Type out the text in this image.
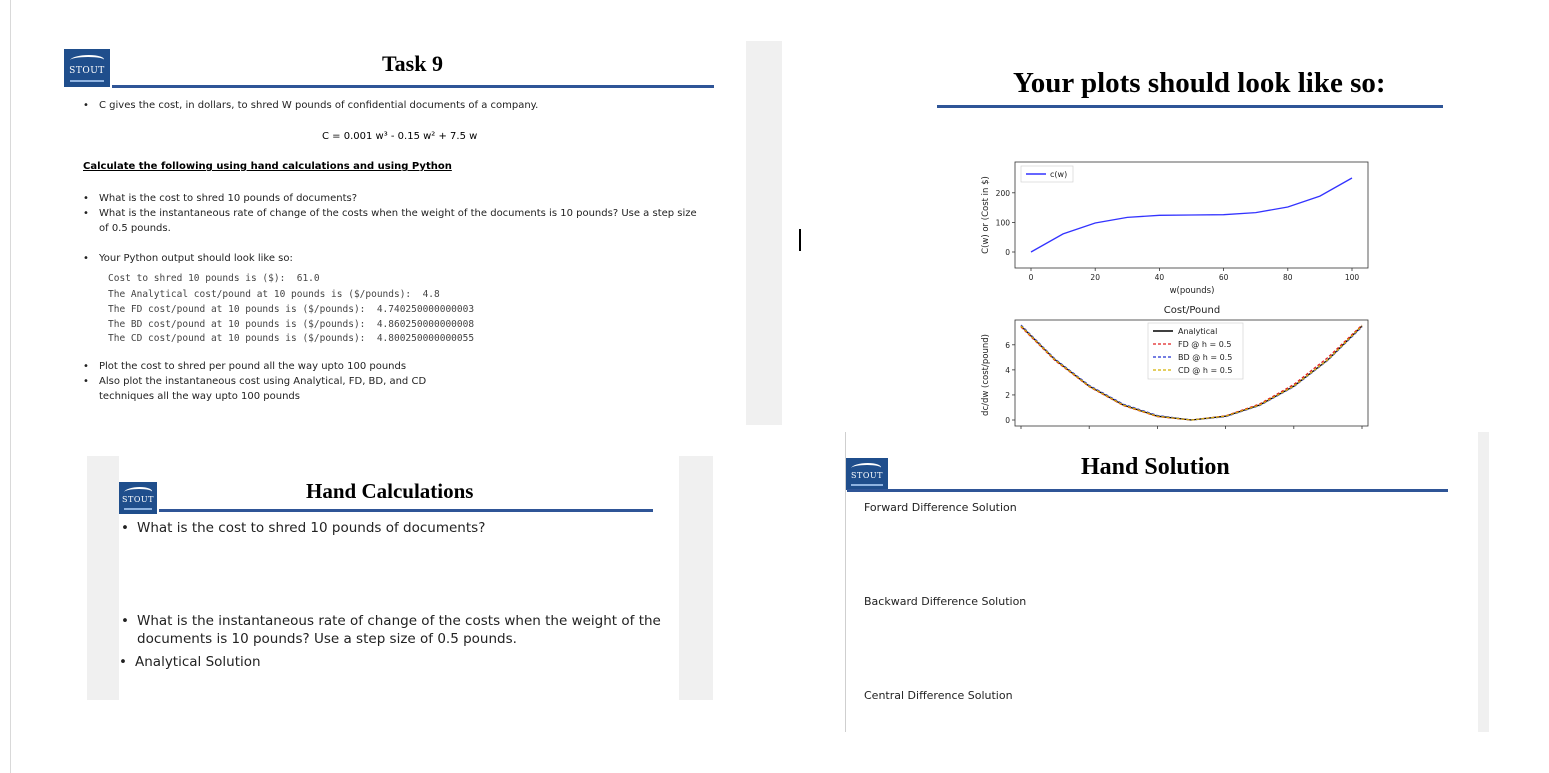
STOUT	Task 9
• C gives the cost, in dollars, to shred W pounds of confidential documents of a company.
C = 0.001 w³ - 0.15 w² + 7.5 w
Calculate the following using hand calculations and using Python
• What is the cost to shred 10 pounds of documents?
• What is the instantaneous rate of change of the costs when the weight of the documents is 10 pounds? Use a step size
of 0.5 pounds.
• Your Python output should look like so:
Cost to shred 10 pounds is ($):  61.0
The Analytical cost/pound at 10 pounds is ($/pounds):  4.8
The FD cost/pound at 10 pounds is ($/pounds):  4.740250000000003
The BD cost/pound at 10 pounds is ($/pounds):  4.860250000000008
The CD cost/pound at 10 pounds is ($/pounds):  4.800250000000055
• Plot the cost to shred per pound all the way upto 100 pounds
• Also plot the instantaneous cost using Analytical, FD, BD, and CD
techniques all the way upto 100 pounds
Your plots should look like so:
0	20	40	60	80	100
0
100
200
C(w) or (Cost in $)
w(pounds)
c(w)
Cost/Pound
0
2
4
6
dc/dw (cost/pound)
Analytical
FD @ h = 0.5
BD @ h = 0.5
CD @ h = 0.5
STOUT	Hand Calculations
• What is the cost to shred 10 pounds of documents?
• What is the instantaneous rate of change of the costs when the weight of the
documents is 10 pounds? Use a step size of 0.5 pounds.
• Analytical Solution
STOUT	Hand Solution
Forward Difference Solution
Backward Difference Solution
Central Difference Solution
